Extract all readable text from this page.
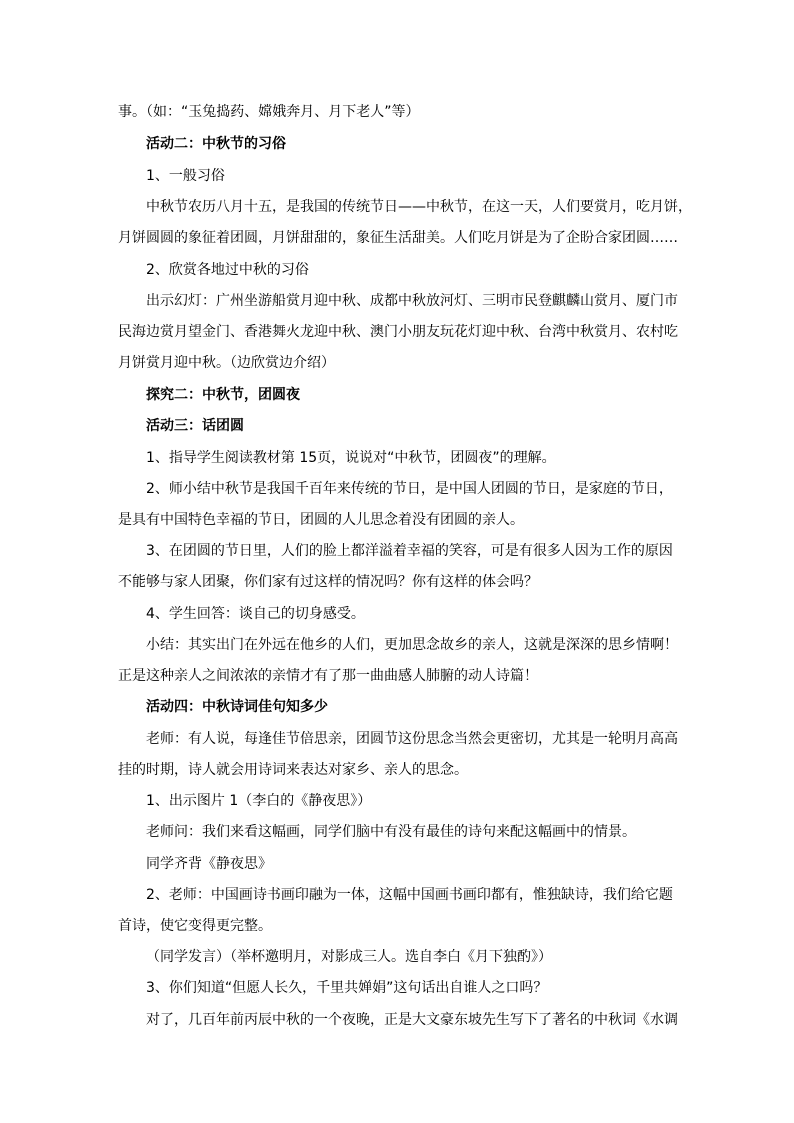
事。（如：“玉兔捣药、嫦娥奔月、月下老人”等）
活动二：中秋节的习俗
1、一般习俗
中秋节农历八月十五，是我国的传统节日——中秋节，在这一天，人们要赏月，吃月饼，
月饼圆圆的象征着团圆，月饼甜甜的，象征生活甜美。人们吃月饼是为了企盼合家团圆……
2、欣赏各地过中秋的习俗
出示幻灯：广州坐游船赏月迎中秋、成都中秋放河灯、三明市民登麒麟山赏月、厦门市
民海边赏月望金门、香港舞火龙迎中秋、澳门小朋友玩花灯迎中秋、台湾中秋赏月、农村吃
月饼赏月迎中秋。（边欣赏边介绍）
探究二：中秋节，团圆夜
活动三：话团圆
1、指导学生阅读教材第 15页，说说对“中秋节，团圆夜”的理解。
2、师小结中秋节是我国千百年来传统的节日，是中国人团圆的节日，是家庭的节日，
是具有中国特色幸福的节日，团圆的人儿思念着没有团圆的亲人。
3、在团圆的节日里，人们的脸上都洋溢着幸福的笑容，可是有很多人因为工作的原因
不能够与家人团聚，你们家有过这样的情况吗？你有这样的体会吗？
4、学生回答：谈自己的切身感受。
小结：其实出门在外远在他乡的人们，更加思念故乡的亲人，这就是深深的思乡情啊！
正是这种亲人之间浓浓的亲情才有了那一曲曲感人肺腑的动人诗篇！
活动四：中秋诗词佳句知多少
老师：有人说，每逢佳节倍思亲，团圆节这份思念当然会更密切，尤其是一轮明月高高
挂的时期，诗人就会用诗词来表达对家乡、亲人的思念。
1、出示图片 1（李白的《静夜思》）
老师问：我们来看这幅画，同学们脑中有没有最佳的诗句来配这幅画中的情景。
同学齐背《静夜思》
2、老师：中国画诗书画印融为一体，这幅中国画书画印都有，惟独缺诗，我们给它题
首诗，使它变得更完整。
（同学发言）（举杯邀明月，对影成三人。选自李白《月下独酌》）
3、你们知道“但愿人长久，千里共婵娟”这句话出自谁人之口吗？
对了，几百年前丙辰中秋的一个夜晚，正是大文豪东坡先生写下了著名的中秋词《水调
